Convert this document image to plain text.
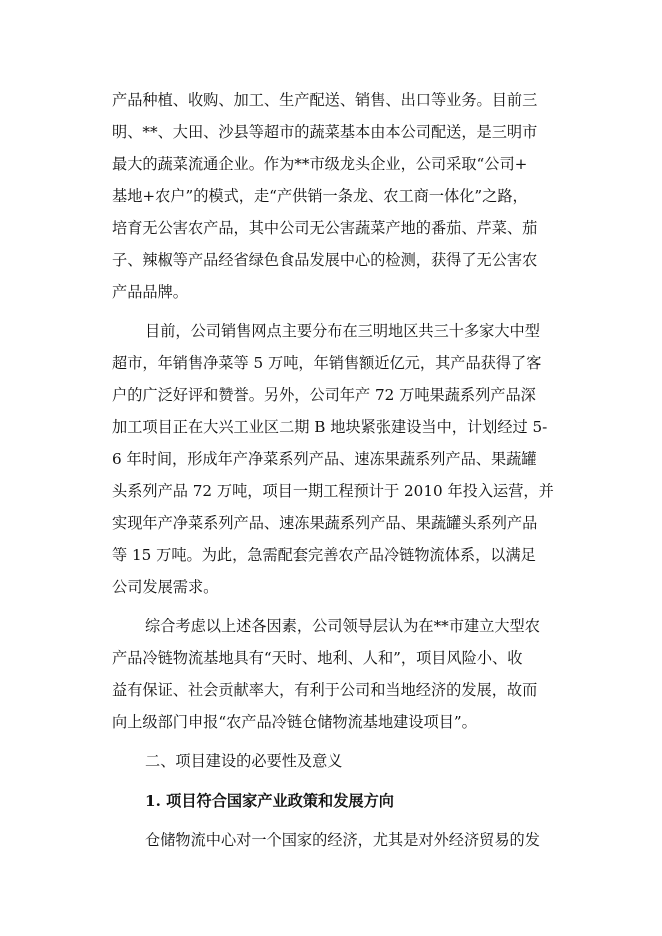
产品种植、收购、加工、生产配送、销售、出口等业务。目前三
明、**、大田、沙县等超市的蔬菜基本由本公司配送，是三明市
最大的蔬菜流通企业。作为**市级龙头企业，公司采取“公司+
基地+农户”的模式，走“产供销一条龙、农工商一体化”之路，
培育无公害农产品，其中公司无公害蔬菜产地的番茄、芹菜、茄
子、辣椒等产品经省绿色食品发展中心的检测，获得了无公害农
产品品牌。
目前，公司销售网点主要分布在三明地区共三十多家大中型
超市，年销售净菜等 5 万吨，年销售额近亿元，其产品获得了客
户的广泛好评和赞誉。另外，公司年产 72 万吨果蔬系列产品深
加工项目正在大兴工业区二期 B 地块紧张建设当中，计划经过 5-
6 年时间，形成年产净菜系列产品、速冻果蔬系列产品、果蔬罐
头系列产品 72 万吨，项目一期工程预计于 2010 年投入运营，并
实现年产净菜系列产品、速冻果蔬系列产品、果蔬罐头系列产品
等 15 万吨。为此，急需配套完善农产品冷链物流体系，以满足
公司发展需求。
综合考虑以上述各因素，公司领导层认为在**市建立大型农
产品冷链物流基地具有“天时、地利、人和”，项目风险小、收
益有保证、社会贡献率大，有利于公司和当地经济的发展，故而
向上级部门申报“农产品冷链仓储物流基地建设项目”。
二、项目建设的必要性及意义
1. 项目符合国家产业政策和发展方向
仓储物流中心对一个国家的经济，尤其是对外经济贸易的发
